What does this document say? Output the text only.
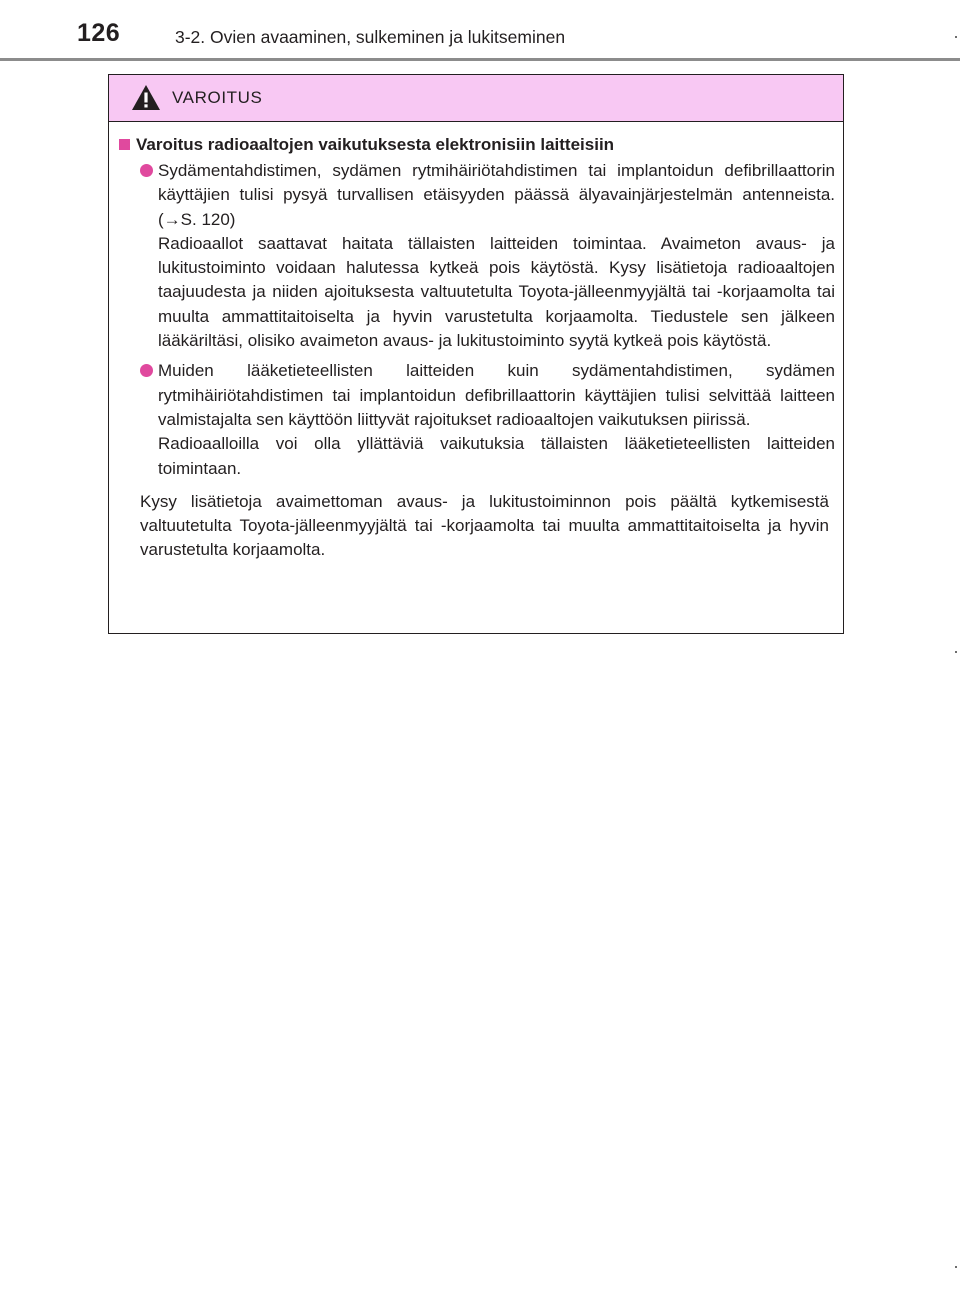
126	3-2. Ovien avaaminen, sulkeminen ja lukitseminen
VAROITUS
Varoitus radioaaltojen vaikutuksesta elektronisiin laitteisiin

Sydämentahdistimen, sydämen rytmihäiriötahdistimen tai implantoidun defibrillaattorin käyttäjien tulisi pysyä turvallisen etäisyyden päässä älyavainjärjestelmän antenneista. (→S. 120)

Radioaallot saattavat haitata tällaisten laitteiden toimintaa. Avaimeton avaus- ja lukitustoiminto voidaan halutessa kytkeä pois käytöstä. Kysy lisätietoja radioaaltojen taajuudesta ja niiden ajoituksesta valtuutetulta Toyota-jälleenmyyjältä tai -korjaamolta tai muulta ammattitaitoiselta ja hyvin varustetulta korjaamolta. Tiedustele sen jälkeen lääkäriltäsi, olisiko avaimeton avaus- ja lukitustoiminto syytä kytkeä pois käytöstä.

Muiden lääketieteellisten laitteiden kuin sydämentahdistimen, sydämen rytmihäiriötahdistimen tai implantoidun defibrillaattorin käyttäjien tulisi selvittää laitteen valmistajalta sen käyttöön liittyvät rajoitukset radioaaltojen vaikutuksen piirissä.

Radioaalloilla voi olla yllättäviä vaikutuksia tällaisten lääketieteellisten laitteiden toimintaan.

Kysy lisätietoja avaimettoman avaus- ja lukitustoiminnon pois päältä kytkemisestä valtuutetulta Toyota-jälleenmyyjältä tai -korjaamolta tai muulta ammattitaitoiselta ja hyvin varustetulta korjaamolta.
